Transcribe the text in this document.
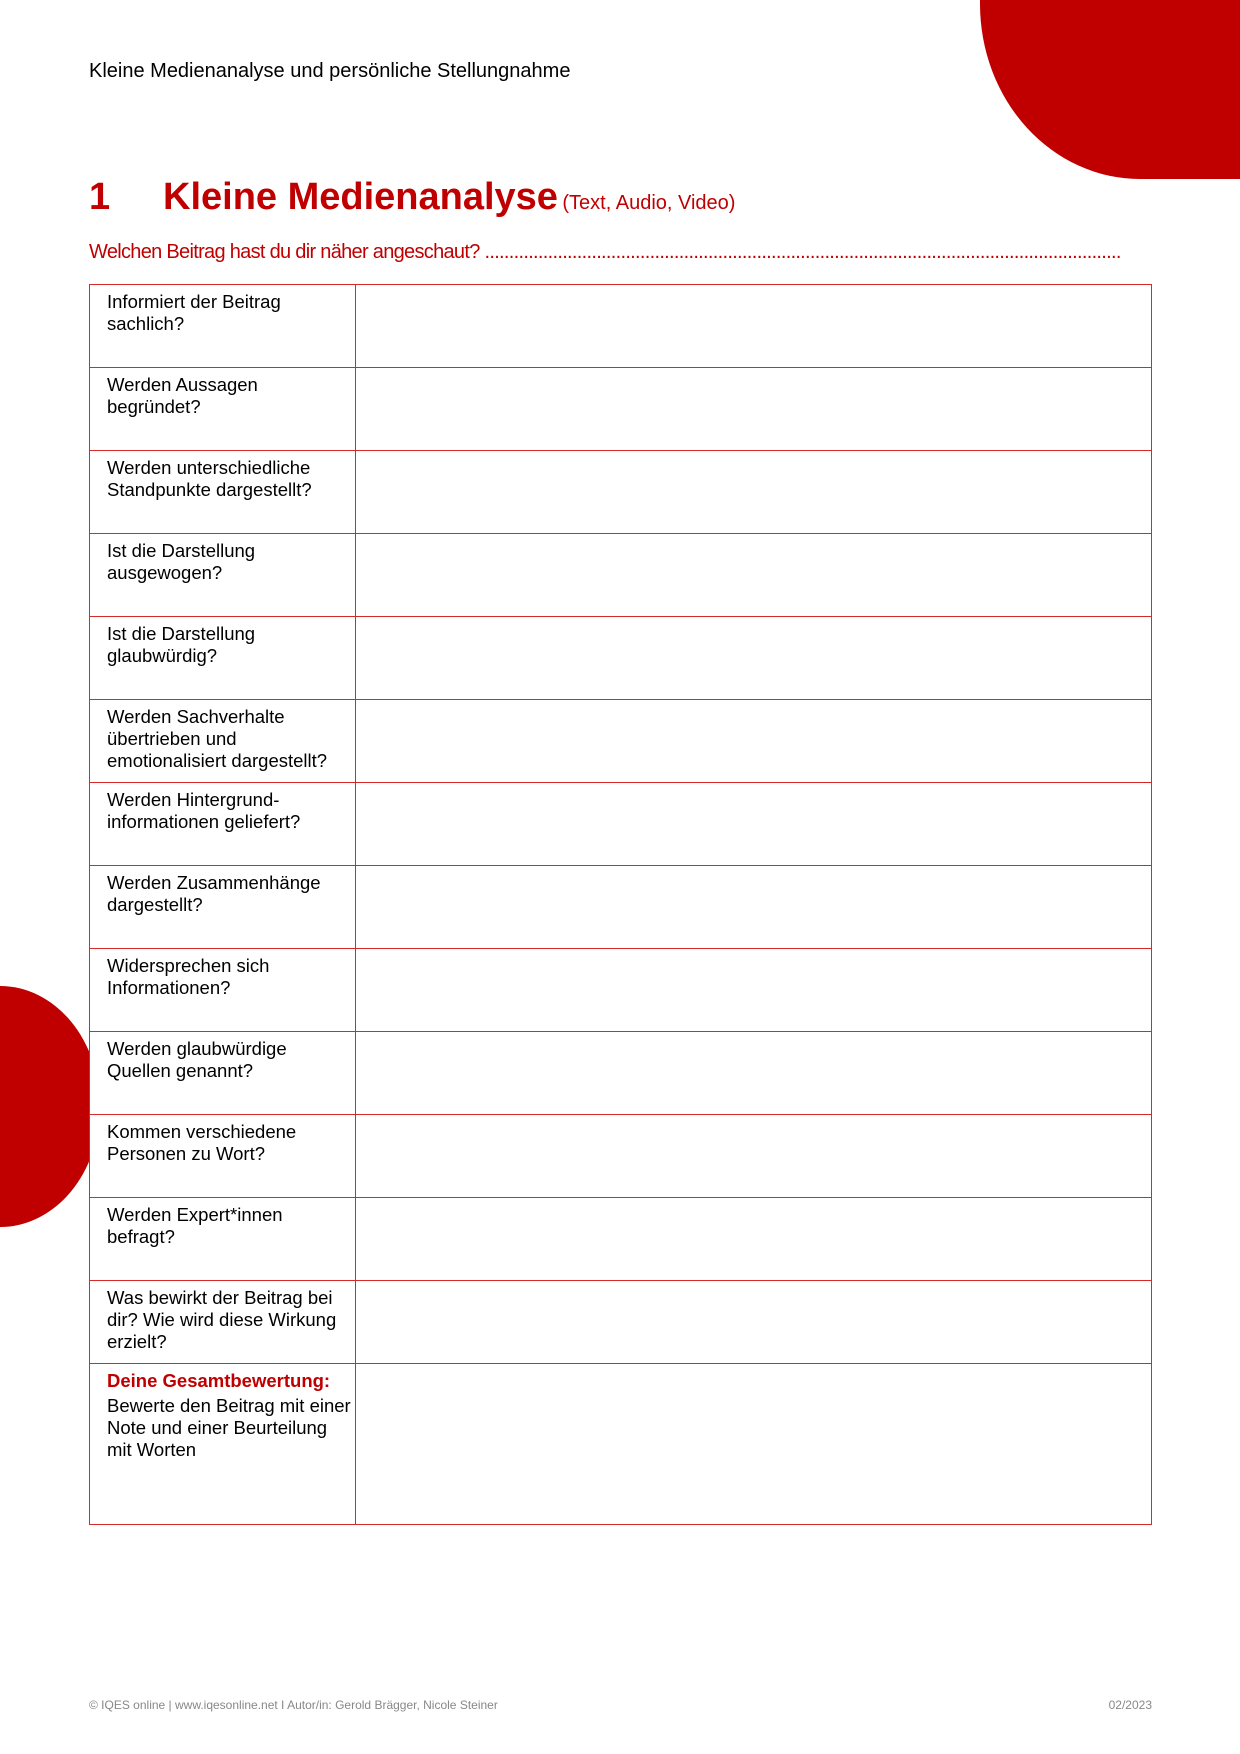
Kleine Medienanalyse und persönliche Stellungnahme
1 Kleine Medienanalyse (Text, Audio, Video)
Welchen Beitrag hast du dir näher angeschaut? ...................................................................................................................................
Informiert der Beitrag sachlich?	
Werden Aussagen begründet?	
Werden unterschiedliche Standpunkte dargestellt?	
Ist die Darstellung ausgewogen?	
Ist die Darstellung glaubwürdig?	
Werden Sachverhalte übertrieben und emotionalisiert dargestellt?	
Werden Hintergrund-informationen geliefert?	
Werden Zusammenhänge dargestellt?	
Widersprechen sich Informationen?	
Werden glaubwürdige Quellen genannt?	
Kommen verschiedene Personen zu Wort?	
Werden Expert*innen befragt?	
Was bewirkt der Beitrag bei dir? Wie wird diese Wirkung erzielt?	

Deine Gesamtbewertung:
Bewerte den Beitrag mit einer Note und einer Beurteilung mit Worten	
© IQES online | www.iqesonline.net I Autor/in: Gerold Brägger, Nicole Steiner	02/2023
